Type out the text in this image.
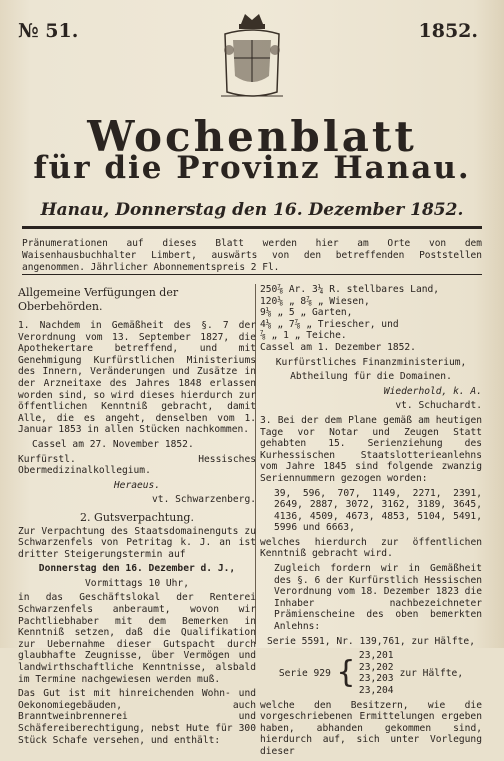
№ 51.	1852.
Wochenblatt
für die Provinz Hanau.
Hanau, Donnerstag den 16. Dezember 1852.
Pränumerationen auf dieses Blatt werden hier am Orte von dem Waisenhausbuchhalter Limbert, auswärts von den betreffenden Poststellen angenommen. Jährlicher Abonnementspreis 2 Fl.
Allgemeine Verfügungen der Oberbehörden.
1. Nachdem in Gemäßheit des §. 7 der Verordnung vom 13. September 1827, die Apothekertare betreffend, und mit Genehmigung Kurfürstlichen Ministeriums des Innern, Veränderungen und Zusätze in der Arzneitaxe des Jahres 1848 erlassen worden sind, so wird dieses hierdurch zur öffentlichen Kenntniß gebracht, damit Alle, die es angeht, denselben vom 1. Januar 1853 in allen Stücken nachkommen.
Cassel am 27. November 1852.
Kurfürstl. Hessisches Obermedizinalkollegium.
Heraeus.
vt. Schwarzenberg.
2. Gutsverpachtung.
Zur Verpachtung des Staatsdomainenguts zu Schwarzenfels von Petritag k. J. an ist dritter Steigerungstermin auf
Donnerstag den 16. Dezember d. J.,
Vormittags 10 Uhr,
in das Geschäftslokal der Renterei Schwarzenfels anberaumt, wovon wir Pachtliebhaber mit dem Bemerken in Kenntniß setzen, daß die Qualifikation zur Uebernahme dieser Gutspacht durch glaubhafte Zeugnisse, über Vermögen und landwirthschaftliche Kenntnisse, alsbald im Termine nachgewiesen werden muß.
Das Gut ist mit hinreichenden Wohn- und Oekonomiegebäuden, auch Branntweinbrennerei und Schäfereiberechtigung, nebst Hute für 300 Stück Schafe versehen, und enthält:
250⅞ Ar. 3¼ R. stellbares Land,
120⅛ „ 8⅞ „ Wiesen,
9⅛ „ 5 „ Garten,
4⅛ „ 7⅞ „ Triescher, und
⅞ „ 1 „ Teiche.
Cassel am 1. Dezember 1852.
Kurfürstliches Finanzministerium,
Abtheilung für die Domainen.
Wiederhold, k. A.
vt. Schuchardt.
3. Bei der dem Plane gemäß am heutigen Tage vor Notar und Zeugen Statt gehabten 15. Serienziehung des Kurhessischen Staatslotterieanlehns vom Jahre 1845 sind folgende zwanzig Seriennummern gezogen worden:
39, 596, 707, 1149, 2271, 2391, 2649, 2887, 3072, 3162, 3189, 3645, 4136, 4509, 4673, 4853, 5104, 5491, 5996 und 6663,
welches hierdurch zur öffentlichen Kenntniß gebracht wird.
Zugleich fordern wir in Gemäßheit des §. 6 der Kurfürstlich Hessischen Verordnung vom 18. Dezember 1823 die Inhaber nachbezeichneter Prämienscheine des oben bemerkten Anlehns:
Serie 5591, Nr. 139,761, zur Hälfte,
Serie 929 { 23,201
23,202
23,203
23,204
zur Hälfte,
welche den Besitzern, wie die vorgeschriebenen Ermittelungen ergeben haben, abhanden gekommen sind, hierdurch auf, sich unter Vorlegung dieser
